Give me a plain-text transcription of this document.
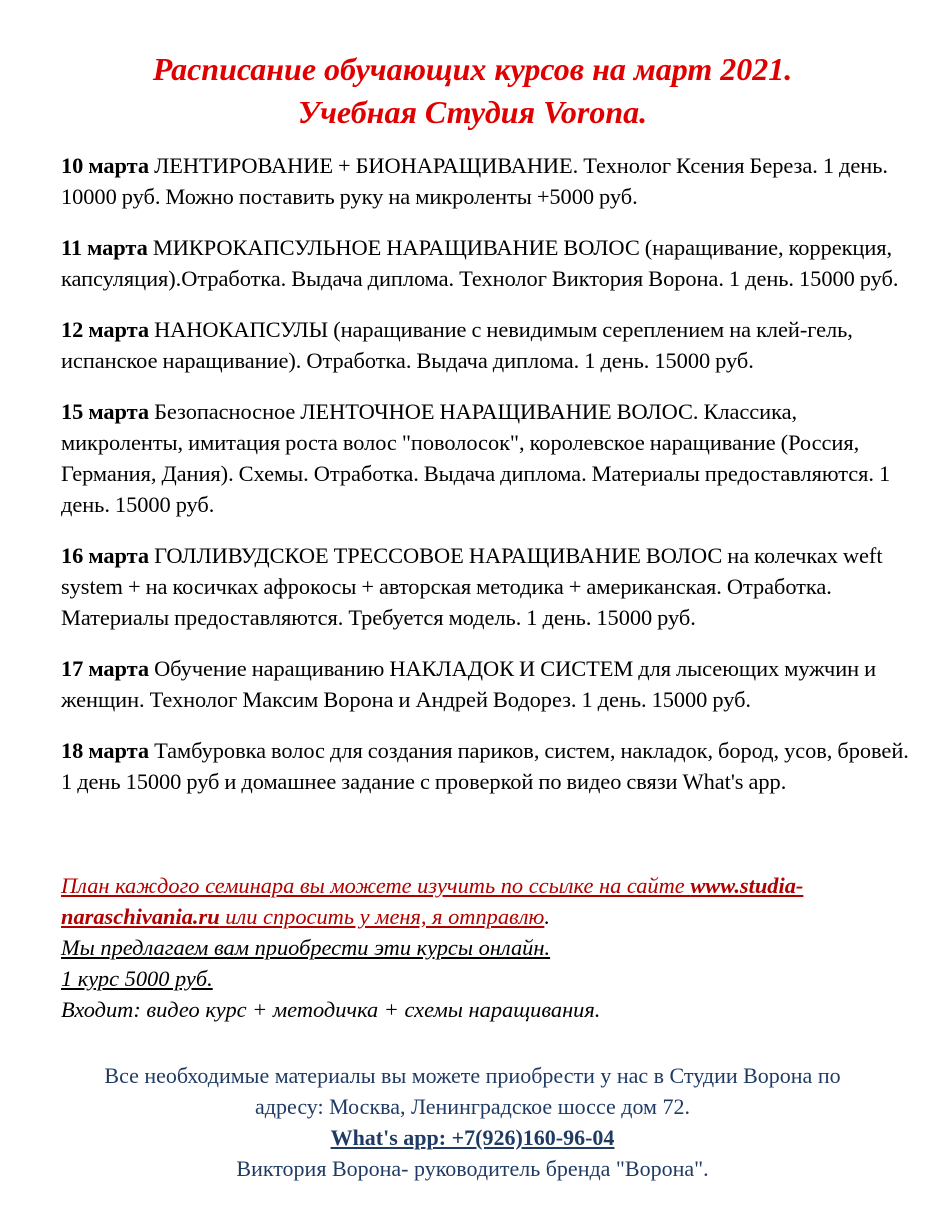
Расписание обучающих курсов на март 2021.
Учебная Студия Vorona.

10 марта ЛЕНТИРОВАНИЕ + БИОНАРАЩИВАНИЕ. Технолог Ксения Береза. 1 день. 10000 руб. Можно поставить руку на микроленты +5000 руб.

11 марта МИКРОКАПСУЛЬНОЕ НАРАЩИВАНИЕ ВОЛОС (наращивание, коррекция, капсуляция).Отработка. Выдача диплома. Технолог Виктория Ворона. 1 день. 15000 руб.

12 марта НАНОКАПСУЛЫ (наращивание с невидимым сереплением на клей-гель, испанское наращивание). Отработка. Выдача диплома. 1 день. 15000 руб.

15 марта Безопасносное ЛЕНТОЧНОЕ НАРАЩИВАНИЕ ВОЛОС. Классика, микроленты, имитация роста волос "поволосок", королевское наращивание (Россия, Германия, Дания). Схемы. Отработка. Выдача диплома. Материалы предоставляются. 1 день. 15000 руб.

16 марта ГОЛЛИВУДСКОЕ ТРЕССОВОЕ НАРАЩИВАНИЕ ВОЛОС на колечках weft system + на косичках афрокосы + авторская методика + американская. Отработка. Материалы предоставляются. Требуется модель. 1 день. 15000 руб.

17 марта Обучение наращиванию НАКЛАДОК И СИСТЕМ для лысеющих мужчин и женщин. Технолог Максим Ворона и Андрей Водорез. 1 день. 15000 руб.

18 марта Тамбуровка волос для создания париков, систем, накладок, бород, усов, бровей. 1 день 15000 руб и домашнее задание с проверкой по видео связи What's app.

План каждого семинара вы можете изучить по ссылке на сайте www.studia-
naraschivania.ru или спросить у меня, я отправлю.
Мы предлагаем вам приобрести эти курсы онлайн.
1 курс 5000 руб.
Входит: видео курс + методичка + схемы наращивания.
Все необходимые материалы вы можете приобрести у нас в Студии Ворона по
адресу: Москва, Ленинградское шоссе дом 72.
What's app: +7(926)160-96-04
Виктория Ворона- руководитель бренда "Ворона".
